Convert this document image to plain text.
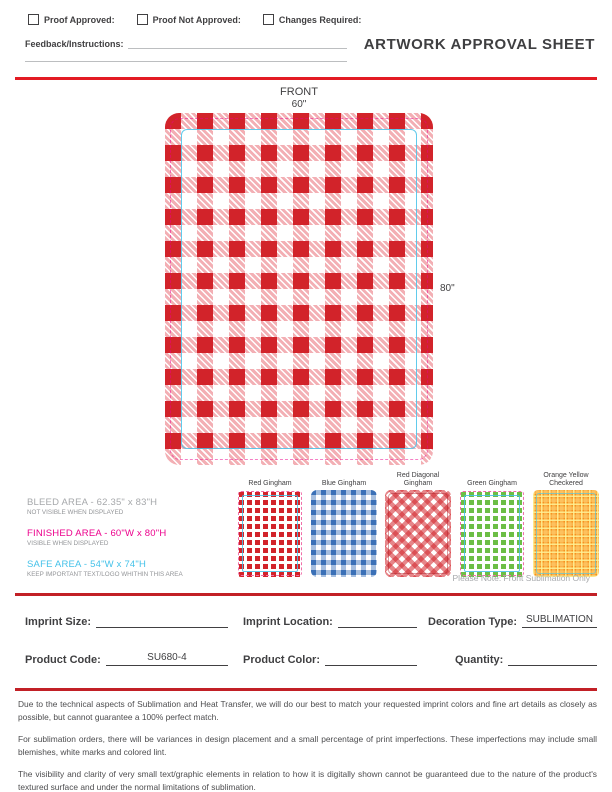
Proof Approved:	Proof Not Approved:	Changes Required:
Feedback/Instructions:	ARTWORK APPROVAL SHEET
FRONT
60"
80"
BLEED AREA - 62.35" x 83"H
NOT VISIBLE WHEN DISPLAYED
FINISHED AREA - 60"W x 80"H
VISIBLE WHEN DISPLAYED
SAFE AREA - 54"W x 74"H
KEEP IMPORTANT TEXT/LOGO WHITHIN THIS AREA
Red Gingham	Blue Gingham
Red Diagonal Gingham	Green Gingham
Orange Yellow Checkered
Please Note: Front Sublimation Only
Imprint Size:	Imprint Location:	Decoration Type: SUBLIMATION
Product Code:	SU680-4	Product Color:	Quantity:

Due to the technical aspects of Sublimation and Heat Transfer, we will do our best to match your requested imprint colors and fine art details as closely as possible, but cannot guarantee a 100% perfect match.

For sublimation orders, there will be variances in design placement and a small percentage of print imperfections. These imperfections may include small blemishes, white marks and colored lint.

The visibility and clarity of very small text/graphic elements in relation to how it is digitally shown cannot be guaranteed due to the nature of the product's textured surface and under the normal limitations of sublimation.
